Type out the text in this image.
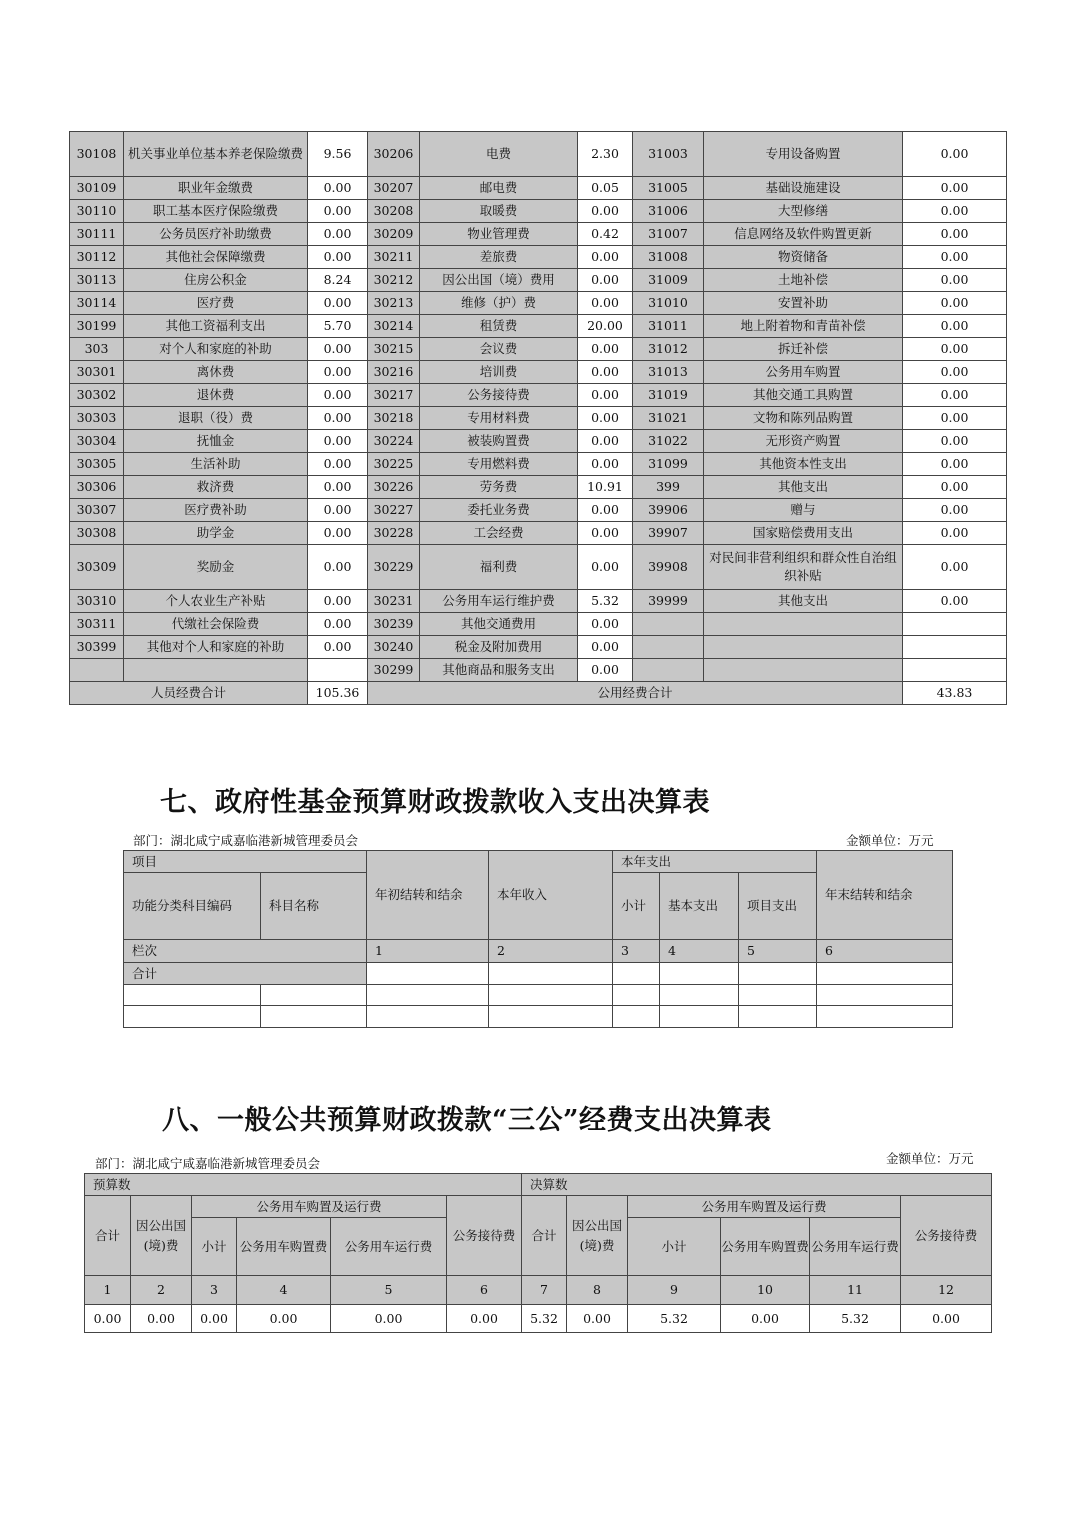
30108	机关事业单位基本养老保险缴费	9.56	30206	电费	2.30	31003	专用设备购置	0.00
30109	职业年金缴费	0.00	30207	邮电费	0.05	31005	基础设施建设	0.00
30110	职工基本医疗保险缴费	0.00	30208	取暖费	0.00	31006	大型修缮	0.00
30111	公务员医疗补助缴费	0.00	30209	物业管理费	0.42	31007	信息网络及软件购置更新	0.00
30112	其他社会保障缴费	0.00	30211	差旅费	0.00	31008	物资储备	0.00
30113	住房公积金	8.24	30212	因公出国（境）费用	0.00	31009	土地补偿	0.00
30114	医疗费	0.00	30213	维修（护）费	0.00	31010	安置补助	0.00
30199	其他工资福利支出	5.70	30214	租赁费	20.00	31011	地上附着物和青苗补偿	0.00
303	对个人和家庭的补助	0.00	30215	会议费	0.00	31012	拆迁补偿	0.00
30301	离休费	0.00	30216	培训费	0.00	31013	公务用车购置	0.00
30302	退休费	0.00	30217	公务接待费	0.00	31019	其他交通工具购置	0.00
30303	退职（役）费	0.00	30218	专用材料费	0.00	31021	文物和陈列品购置	0.00
30304	抚恤金	0.00	30224	被装购置费	0.00	31022	无形资产购置	0.00
30305	生活补助	0.00	30225	专用燃料费	0.00	31099	其他资本性支出	0.00
30306	救济费	0.00	30226	劳务费	10.91	399	其他支出	0.00
30307	医疗费补助	0.00	30227	委托业务费	0.00	39906	赠与	0.00
30308	助学金	0.00	30228	工会经费	0.00	39907	国家赔偿费用支出	0.00
30309	奖励金	0.00	30229	福利费	0.00	39908	对民间非营利组织和群众性自治组织补贴	0.00
30310	个人农业生产补贴	0.00	30231	公务用车运行维护费	5.32	39999	其他支出	0.00
30311	代缴社会保险费	0.00	30239	其他交通费用	0.00			
30399	其他对个人和家庭的补助	0.00	30240	税金及附加费用	0.00			
			30299	其他商品和服务支出	0.00			
人员经费合计		105.36	公用经费合计					43.83
七、政府性基金预算财政拨款收入支出决算表
部门：湖北咸宁咸嘉临港新城管理委员会	金额单位：万元
项目		年初结转和结余	本年收入	本年支出			年末结转和结余
功能分类科目编码	科目名称			小计	基本支出	项目支出	
栏次		1	2	3	4	5	6
合计							

八、一般公共预算财政拨款“三公”经费支出决算表
部门：湖北咸宁咸嘉临港新城管理委员会	金额单位：万元
预算数						决算数					
合计	因公出国(境)费	公务用车购置及运行费			公务接待费	合计	因公出国(境)费	公务用车购置及运行费			公务接待费
		小计	公务用车购置费	公务用车运行费				小计	公务用车购置费	公务用车运行费	
1	2	3	4	5	6	7	8	9	10	11	12
0.00	0.00	0.00	0.00	0.00	0.00	5.32	0.00	5.32	0.00	5.32	0.00
